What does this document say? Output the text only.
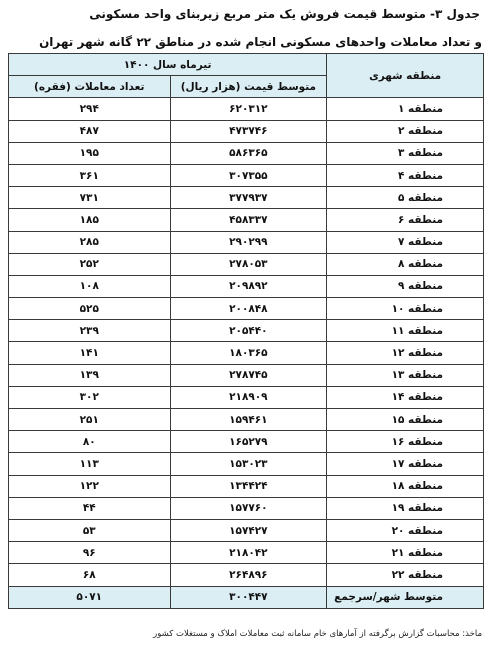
جدول ۳- متوسط قیمت فروش یک متر مربع زیربنای واحد مسکونی
و تعداد معاملات واحدهای مسکونی انجام شده در مناطق ۲۲ گانه شهر تهران
منطقه شهری	تیرماه سال ۱۴۰۰	
	متوسط قیمت (هزار ریال)	تعداد معاملات (فقره)
منطقه ۱	۶۲۰۳۱۲	۲۹۴
منطقه ۲	۴۷۳۷۴۶	۴۸۷
منطقه ۳	۵۸۶۳۶۵	۱۹۵
منطقه ۴	۳۰۷۳۵۵	۳۶۱
منطقه ۵	۳۷۷۹۳۷	۷۳۱
منطقه ۶	۴۵۸۳۳۷	۱۸۵
منطقه ۷	۲۹۰۲۹۹	۲۸۵
منطقه ۸	۲۷۸۰۵۳	۲۵۲
منطقه ۹	۲۰۹۸۹۲	۱۰۸
منطقه ۱۰	۲۰۰۸۴۸	۵۲۵
منطقه ۱۱	۲۰۵۴۴۰	۲۳۹
منطقه ۱۲	۱۸۰۳۶۵	۱۴۱
منطقه ۱۳	۲۷۸۷۴۵	۱۳۹
منطقه ۱۴	۲۱۸۹۰۹	۳۰۲
منطقه ۱۵	۱۵۹۴۶۱	۲۵۱
منطقه ۱۶	۱۶۵۲۷۹	۸۰
منطقه ۱۷	۱۵۳۰۲۳	۱۱۳
منطقه ۱۸	۱۳۴۴۲۴	۱۲۲
منطقه ۱۹	۱۵۷۷۶۰	۴۴
منطقه ۲۰	۱۵۷۴۲۷	۵۳
منطقه ۲۱	۲۱۸۰۴۲	۹۶
منطقه ۲۲	۲۶۴۸۹۶	۶۸
متوسط شهر/سرجمع	۳۰۰۴۴۷	۵۰۷۱
ماخذ: محاسبات گزارش برگرفته از آمارهای خام سامانه ثبت معاملات املاک و مستغلات کشور
